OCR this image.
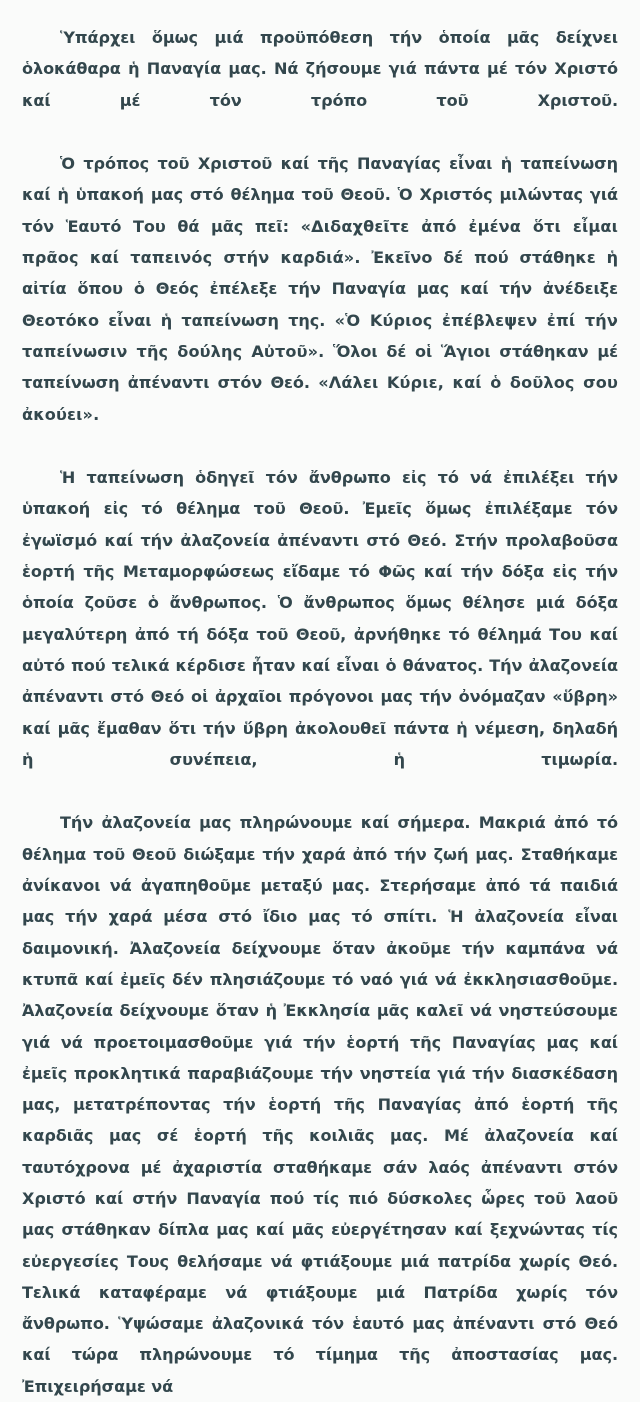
Ὑπάρχει ὅμως μιά προϋπόθεση τήν ὁποία μᾶς δείχνει ὁλοκάθαρα ἡ Παναγία μας. Νά ζήσουμε γιά πάντα μέ τόν Χριστό καί μέ τόν τρόπο τοῦ Χριστοῦ.

Ὁ τρόπος τοῦ Χριστοῦ καί τῆς Παναγίας εἶναι ἡ ταπείνωση καί ἡ ὑπακοή μας στό θέλημα τοῦ Θεοῦ. Ὁ Χριστός μιλώντας γιά τόν Ἑαυτό Του θά μᾶς πεῖ: «Διδαχθεῖτε ἀπό ἐμένα ὅτι εἶμαι πρᾶος καί ταπεινός στήν καρδιά». Ἐκεῖνο δέ πού στάθηκε ἡ αἰτία ὅπου ὁ Θεός ἐπέλεξε τήν Παναγία μας καί τήν ἀνέδειξε Θεοτόκο εἶναι ἡ ταπείνωση της. «Ὁ Κύριος ἐπέβλεψεν ἐπί τήν ταπείνωσιν τῆς δούλης Αὐτοῦ». Ὅλοι δέ οἱ Ἅγιοι στάθηκαν μέ ταπείνωση ἀπέναντι στόν Θεό. «Λάλει Κύριε, καί ὁ δοῦλος σου ἀκούει».

Ἡ ταπείνωση ὁδηγεῖ τόν ἄνθρωπο εἰς τό νά ἐπιλέξει τήν ὑπακοή εἰς τό θέλημα τοῦ Θεοῦ. Ἐμεῖς ὅμως ἐπιλέξαμε τόν ἐγωϊσμό καί τήν ἀλαζονεία ἀπέναντι στό Θεό. Στήν προλαβοῦσα ἑορτή τῆς Μεταμορφώσεως εἴδαμε τό Φῶς καί τήν δόξα εἰς τήν ὁποία ζοῦσε ὁ ἄνθρωπος. Ὁ ἄνθρωπος ὅμως θέλησε μιά δόξα μεγαλύτερη ἀπό τή δόξα τοῦ Θεοῦ, ἀρνήθηκε τό θέλημά Του καί αὐτό πού τελικά κέρδισε ἦταν καί εἶναι ὁ θάνατος. Τήν ἀλαζονεία ἀπέναντι στό Θεό οἱ ἀρχαῖοι πρόγονοι μας τήν ὀνόμαζαν «ὕβρη» καί μᾶς ἔμαθαν ὅτι τήν ὕβρη ἀκολουθεῖ πάντα ἡ νέμεση, δηλαδή ἡ συνέπεια, ἡ τιμωρία.

Τήν ἀλαζονεία μας πληρώνουμε καί σήμερα. Μακριά ἀπό τό θέλημα τοῦ Θεοῦ διώξαμε τήν χαρά ἀπό τήν ζωή μας. Σταθήκαμε ἀνίκανοι νά ἀγαπηθοῦμε μεταξύ μας. Στερήσαμε ἀπό τά παιδιά μας τήν χαρά μέσα στό ἴδιο μας τό σπίτι. Ἡ ἀλαζονεία εἶναι δαιμονική. Ἀλαζονεία δείχνουμε ὅταν ἀκοῦμε τήν καμπάνα νά κτυπᾶ καί ἐμεῖς δέν πλησιάζουμε τό ναό γιά νά ἐκκλησιασθοῦμε. Ἀλαζονεία δείχνουμε ὅταν ἡ Ἐκκλησία μᾶς καλεῖ νά νηστεύσουμε γιά νά προετοιμασθοῦμε γιά τήν ἑορτή τῆς Παναγίας μας καί ἐμεῖς προκλητικά παραβιάζουμε τήν νηστεία γιά τήν διασκέδαση μας, μετατρέποντας τήν ἑορτή τῆς Παναγίας ἀπό ἑορτή τῆς καρδιᾶς μας σέ ἑορτή τῆς κοιλιᾶς μας. Μέ ἀλαζονεία καί ταυτόχρονα μέ ἀχαριστία σταθήκαμε σάν λαός ἀπέναντι στόν Χριστό καί στήν Παναγία πού τίς πιό δύσκολες ὧρες τοῦ λαοῦ μας στάθηκαν δίπλα μας καί μᾶς εὐεργέτησαν καί ξεχνώντας τίς εὐεργεσίες Τους θελήσαμε νά φτιάξουμε μιά πατρίδα χωρίς Θεό. Τελικά καταφέραμε νά φτιάξουμε μιά Πατρίδα χωρίς τόν ἄνθρωπο. Ὑψώσαμε ἀλαζονικά τόν ἑαυτό μας ἀπέναντι στό Θεό καί τώρα πληρώνουμε τό τίμημα τῆς ἀποστασίας μας. Ἐπιχειρήσαμε νά
